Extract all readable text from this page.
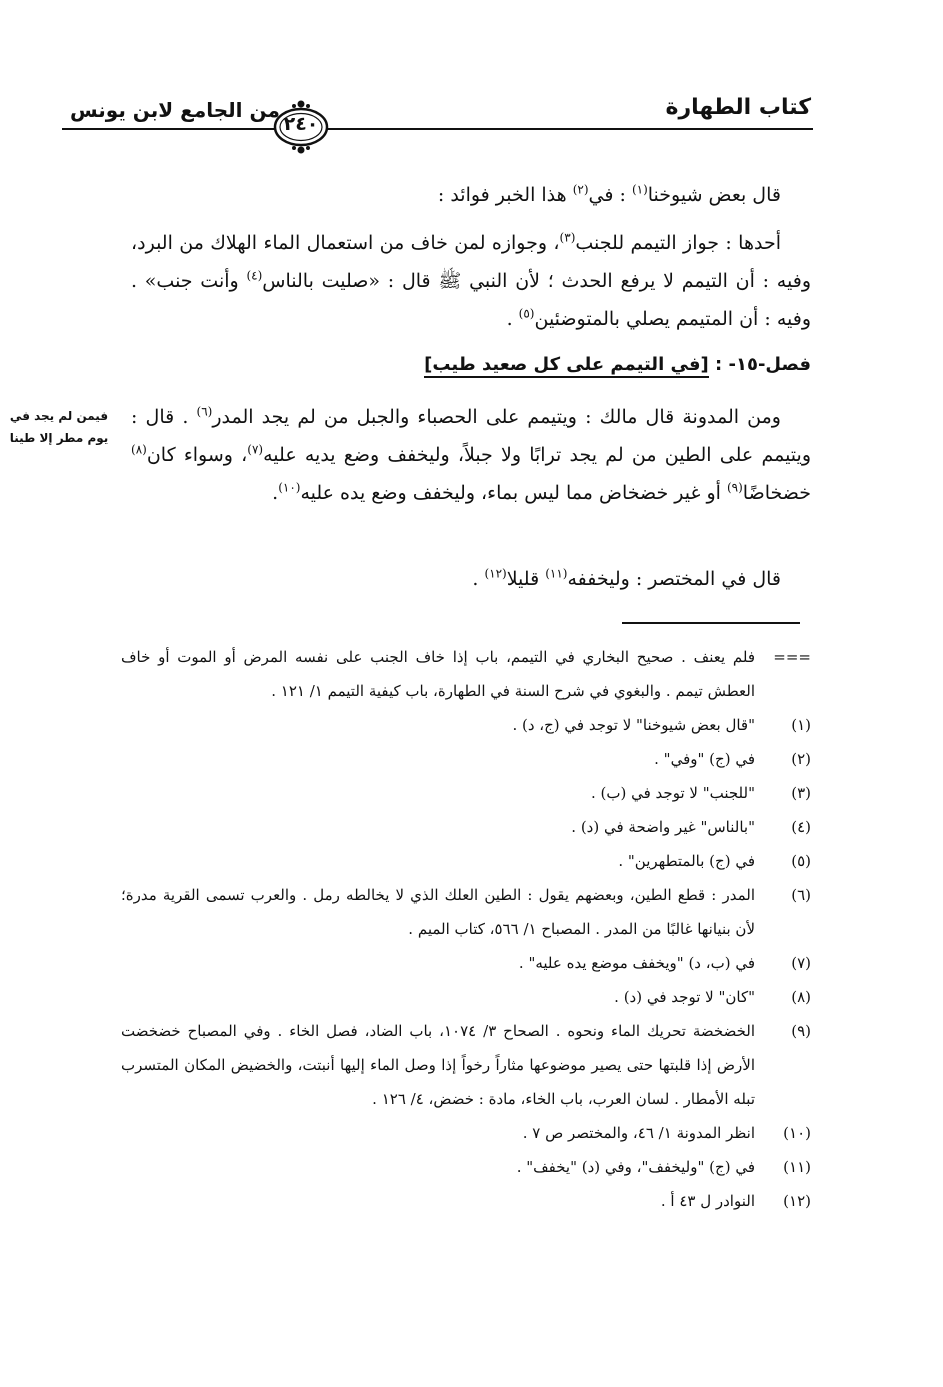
كتاب الطهارة
من الجامع لابن يونس
٢٤٠

قال بعض شيوخنا$^{(١)}$ : في$^{(٢)}$ هذا الخبر فوائد :

أحدها : جواز التيمم للجنب$^{(٣)}$، وجوازه لمن خاف من استعمال الماء الهلاك من البرد، وفيه : أن التيمم لا يرفع الحدث ؛ لأن النبي ﷺ قال : «صليت بالناس$^{(٤)}$ وأنت جنب» . وفيه : أن المتيمم يصلي بالمتوضئين$^{(٥)}$ .

فصل-١٥- : [في التيمم على كل صعيد طيب]
فيمن لم يجد في يوم مطر إلا طينا

ومن المدونة قال مالك : ويتيمم على الحصباء والجبل من لم يجد المدر$^{(٦)}$ . قال : ويتيمم على الطين من لم يجد ترابًا ولا جبلاً، وليخفف وضع يديه عليه$^{(٧)}$، وسواء كان$^{(٨)}$ خضخاضًا$^{(٩)}$ أو غير خضخاض مما ليس بماء، وليخفف وضع يده عليه$^{(١٠)}$.

قال في المختصر : وليخففه$^{(١١)}$ قليلا$^{(١٢)}$ .

===
فلم يعنف . صحيح البخاري في التيمم، باب إذا خاف الجنب على نفسه المرض أو الموت أو خاف العطش تيمم . والبغوي في شرح السنة في الطهارة، باب كيفية التيمم ١/ ١٢١ .
(١)
"قال بعض شيوخنا" لا توجد في (ج، د) .
(٢)
في (ج) "وفي" .
(٣)
"للجنب" لا توجد في (ب) .
(٤)
"بالناس" غير واضحة في (د) .
(٥)
في (ج) بالمتطهرين" .
(٦)
المدر : قطع الطين، وبعضهم يقول : الطين العلك الذي لا يخالطه رمل . والعرب تسمى القرية مدرة؛ لأن بنيانها غالبًا من المدر . المصباح ١/ ٥٦٦، كتاب الميم .
(٧)
في (ب، د) "ويخفف موضع يده عليه" .
(٨)
"كان" لا توجد في (د) .
(٩)
الخضخضة تحريك الماء ونحوه . الصحاح ٣/ ١٠٧٤، باب الضاد، فصل الخاء . وفي المصباح خضخضت الأرض إذا قلبتها حتى يصير موضوعها مثاراً رخواً إذا وصل الماء إليها أنبتت، والخضيض المكان المتسرب تبله الأمطار . لسان العرب، باب الخاء، مادة : خضض، ٤/ ١٢٦ .
(١٠)
انظر المدونة ١/ ٤٦، والمختصر ص ٧ .
(١١)
في (ج) "وليخفف"، وفي (د) "يخفف" .
(١٢)
النوادر ل ٤٣ أ .
